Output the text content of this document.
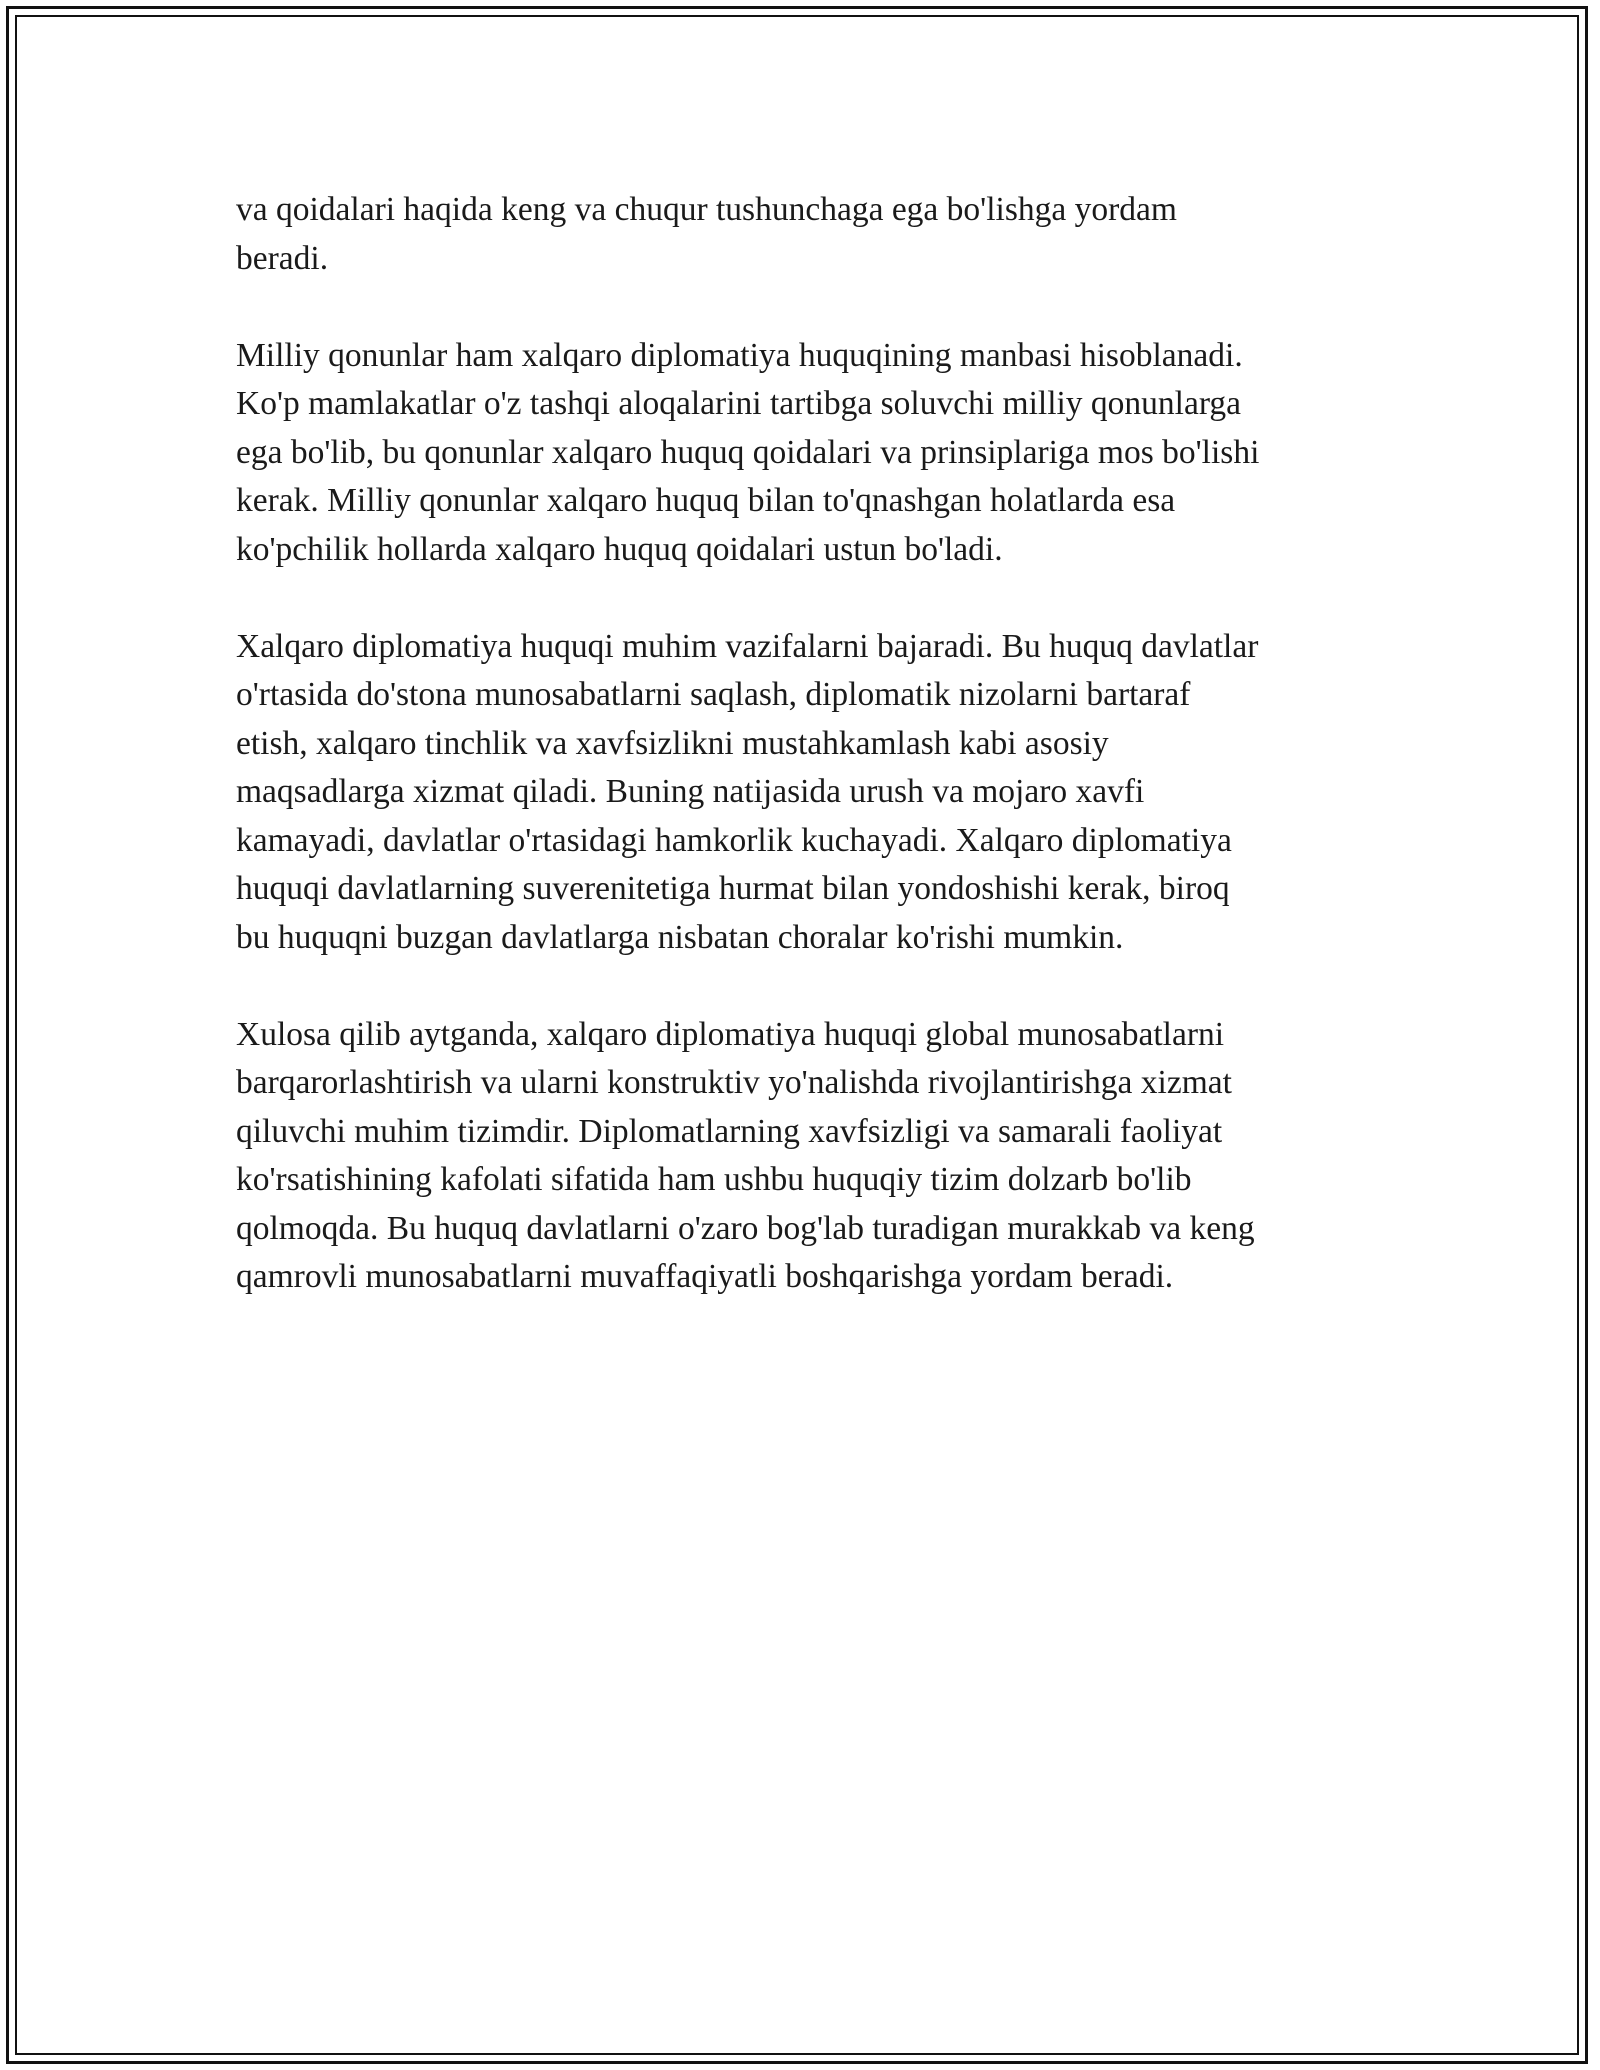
va qoidalari haqida keng va chuqur tushunchaga ega bo'lishga yordam
beradi.

Milliy qonunlar ham xalqaro diplomatiya huquqining manbasi hisoblanadi.
Ko'p mamlakatlar o'z tashqi aloqalarini tartibga soluvchi milliy qonunlarga
ega bo'lib, bu qonunlar xalqaro huquq qoidalari va prinsiplariga mos bo'lishi
kerak. Milliy qonunlar xalqaro huquq bilan to'qnashgan holatlarda esa
ko'pchilik hollarda xalqaro huquq qoidalari ustun bo'ladi.

Xalqaro diplomatiya huquqi muhim vazifalarni bajaradi. Bu huquq davlatlar
o'rtasida do'stona munosabatlarni saqlash, diplomatik nizolarni bartaraf
etish, xalqaro tinchlik va xavfsizlikni mustahkamlash kabi asosiy
maqsadlarga xizmat qiladi. Buning natijasida urush va mojaro xavfi
kamayadi, davlatlar o'rtasidagi hamkorlik kuchayadi. Xalqaro diplomatiya
huquqi davlatlarning suverenitetiga hurmat bilan yondoshishi kerak, biroq
bu huquqni buzgan davlatlarga nisbatan choralar ko'rishi mumkin.

Xulosa qilib aytganda, xalqaro diplomatiya huquqi global munosabatlarni
barqarorlashtirish va ularni konstruktiv yo'nalishda rivojlantirishga xizmat
qiluvchi muhim tizimdir. Diplomatlarning xavfsizligi va samarali faoliyat
ko'rsatishining kafolati sifatida ham ushbu huquqiy tizim dolzarb bo'lib
qolmoqda. Bu huquq davlatlarni o'zaro bog'lab turadigan murakkab va keng
qamrovli munosabatlarni muvaffaqiyatli boshqarishga yordam beradi.
